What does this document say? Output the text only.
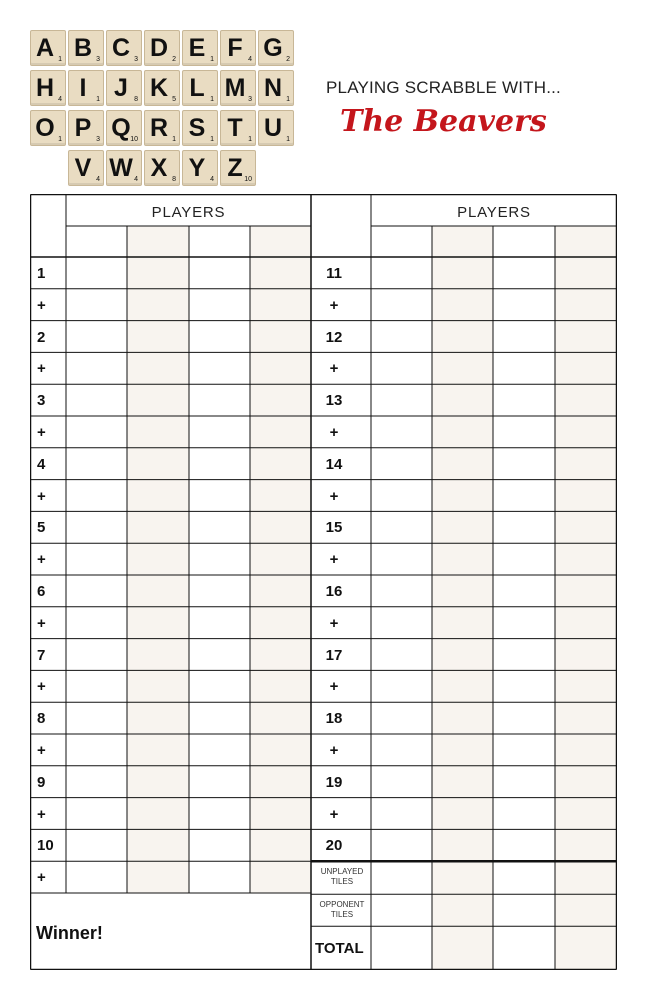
A 1 B 3 C 3 D 2 E 1 F 4 G 2
H 4 I	1 J 8 K 5 L 1 M 3 N 1
O 1 P 3 Q 10 R 1 S 1 T 1 U 1
V 4 W 4 X 8 Y 4 Z 10
PLAYING SCRABBLE WITH...
The Beavers
PLAYERS	PLAYERS
1
+
2
+
3
+
4
+
5
+
6
+
7
+
8
+
9
+
10
+
11
+
12
+
13
+
14
+
15
+
16
+
17
+
18
+
19
+
20
UNPLAYED TILES
OPPONENT TILES
TOTAL
Winner!
